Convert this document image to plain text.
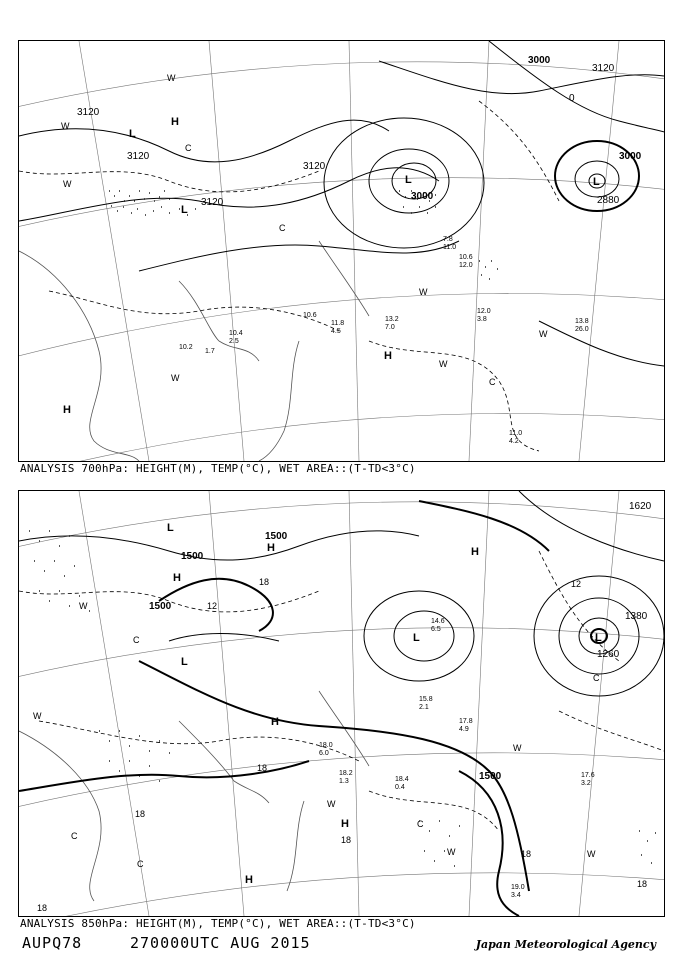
3120
3120
3120
3120
3000
3000
2880
L
L
L	L
H
H
H
W
W
W
W
W
W
W
C
C
C
11.0
4.2
12.0
3.8	13.8
26.0
13.2
7.0
10.4
2.5
10.6
1.7
10.2
11.8
4.5
7.8
11.0
12.0
10.6
ANALYSIS 700hPa: HEIGHT(M), TEMP(°C), WET AREA::(T-TD<3°C)
1500
1500
1500
1500
1380
1260
1620
L
L
L	L
H
H	H
H
H
H
18
18
18
18
18
18
18
12
12
W
W
W
W
W
W
C
C
C
C
C
19.0
3.4
17.6
3.2
18.4
0.4
17.8
4.9
15.8
2.1
18.2
1.3
18.0
6.0
14.6
6.5
ANALYSIS 850hPa: HEIGHT(M), TEMP(°C), WET AREA::(T-TD<3°C)
3000
3120
0
AUPQ78	270000UTC AUG 2015	Japan Meteorological Agency
